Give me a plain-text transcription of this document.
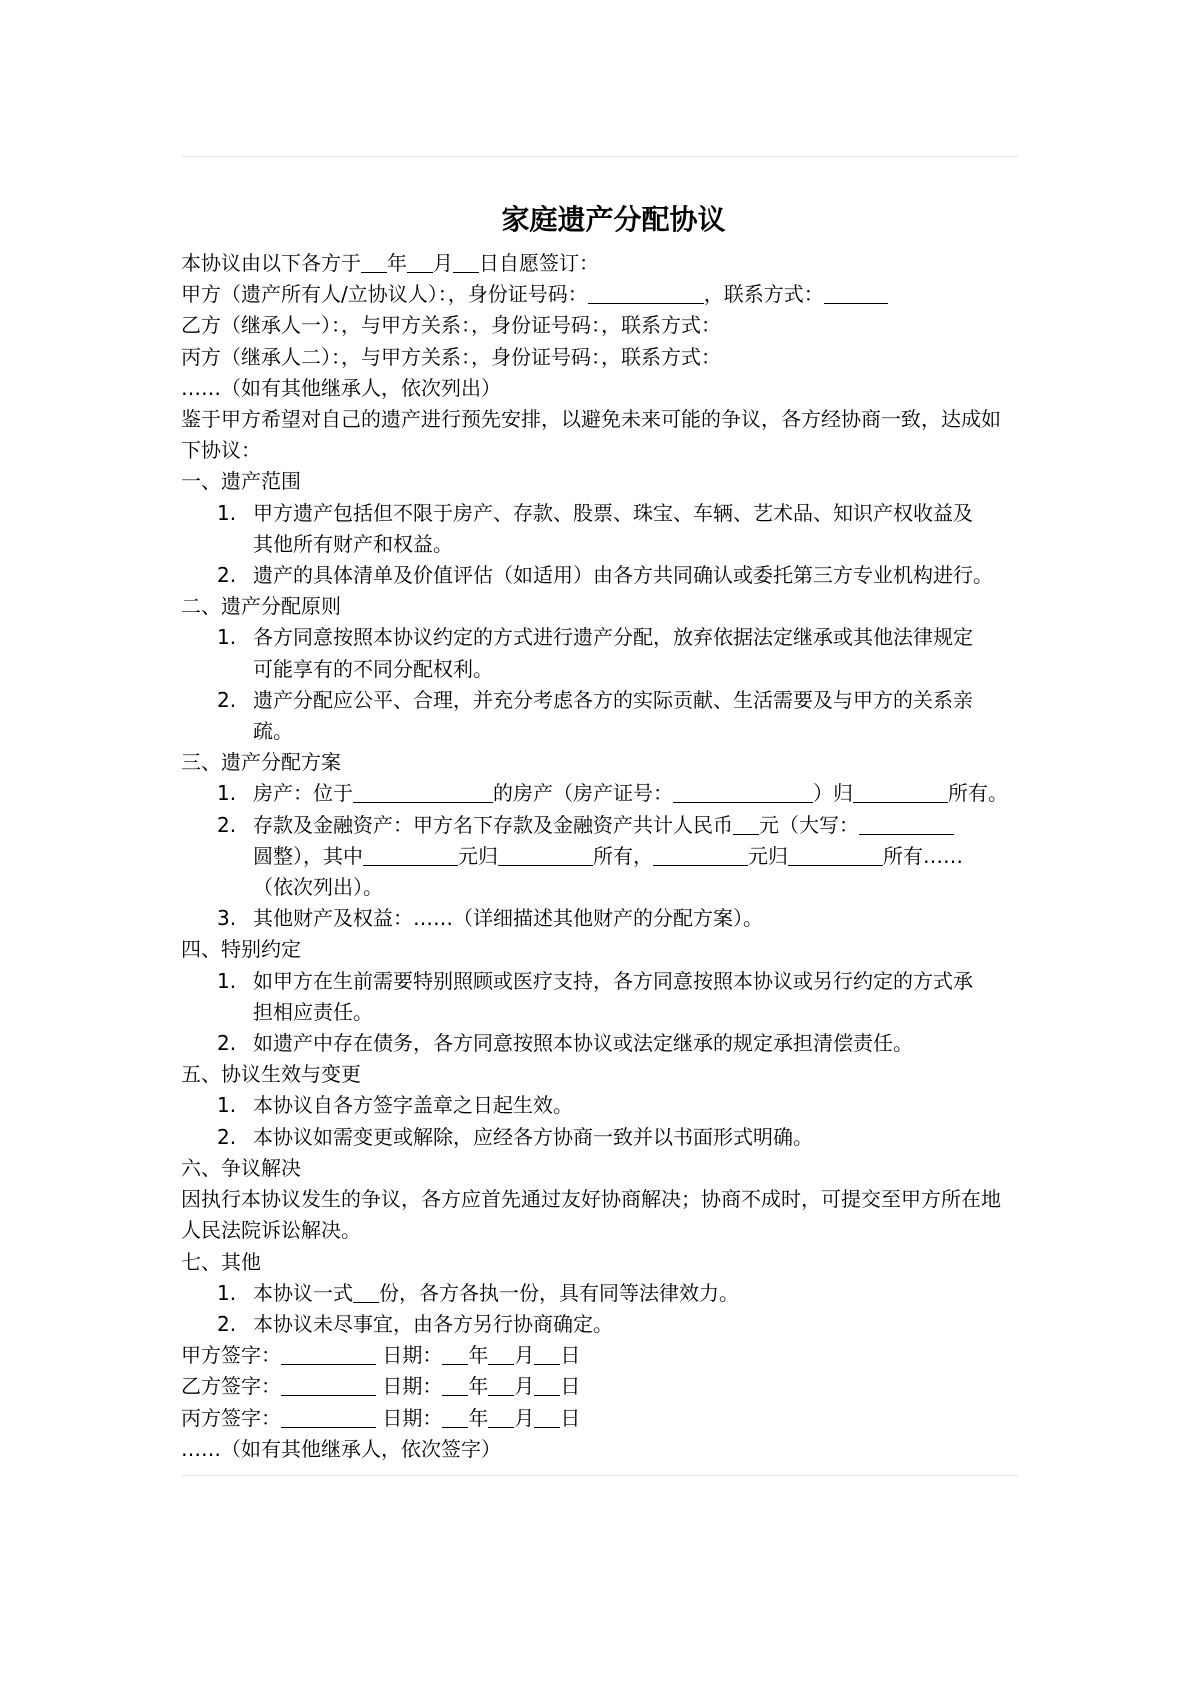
家庭遗产分配协议

本协议由以下各方于 年 月 日自愿签订：

甲方（遗产所有人/立协议人）：，身份证号码：	，联系方式：

乙方（继承人一）：，与甲方关系：，身份证号码：，联系方式：

丙方（继承人二）：，与甲方关系：，身份证号码：，联系方式：

……（如有其他继承人，依次列出）

鉴于甲方希望对自己的遗产进行预先安排，以避免未来可能的争议，各方经协商一致，达成如下协议：

一、遗产范围

1. 甲方遗产包括但不限于房产、存款、股票、珠宝、车辆、艺术品、知识产权收益及
其他所有财产和权益。
2. 遗产的具体清单及价值评估（如适用）由各方共同确认或委托第三方专业机构进行。

二、遗产分配原则

1. 各方同意按照本协议约定的方式进行遗产分配，放弃依据法定继承或其他法律规定
可能享有的不同分配权利。
2. 遗产分配应公平、合理，并充分考虑各方的实际贡献、生活需要及与甲方的关系亲
疏。

三、遗产分配方案

1. 房产：位于	的房产（房产证号：	）归	所有。
2. 存款及金融资产：甲方名下存款及金融资产共计人民币 元（大写：
圆整），其中	元归	所有，	元归	所有……
（依次列出）。
3. 其他财产及权益：……（详细描述其他财产的分配方案）。

四、特别约定

1. 如甲方在生前需要特别照顾或医疗支持，各方同意按照本协议或另行约定的方式承
担相应责任。
2. 如遗产中存在债务，各方同意按照本协议或法定继承的规定承担清偿责任。

五、协议生效与变更

1. 本协议自各方签字盖章之日起生效。
2. 本协议如需变更或解除，应经各方协商一致并以书面形式明确。

六、争议解决

因执行本协议发生的争议，各方应首先通过友好协商解决；协商不成时，可提交至甲方所在地人民法院诉讼解决。

七、其他

1. 本协议一式 份，各方各执一份，具有同等法律效力。
2. 本协议未尽事宜，由各方另行协商确定。

甲方签字：	日期： 年 月 日

乙方签字：	日期： 年 月 日

丙方签字：	日期： 年 月 日

……（如有其他继承人，依次签字）
